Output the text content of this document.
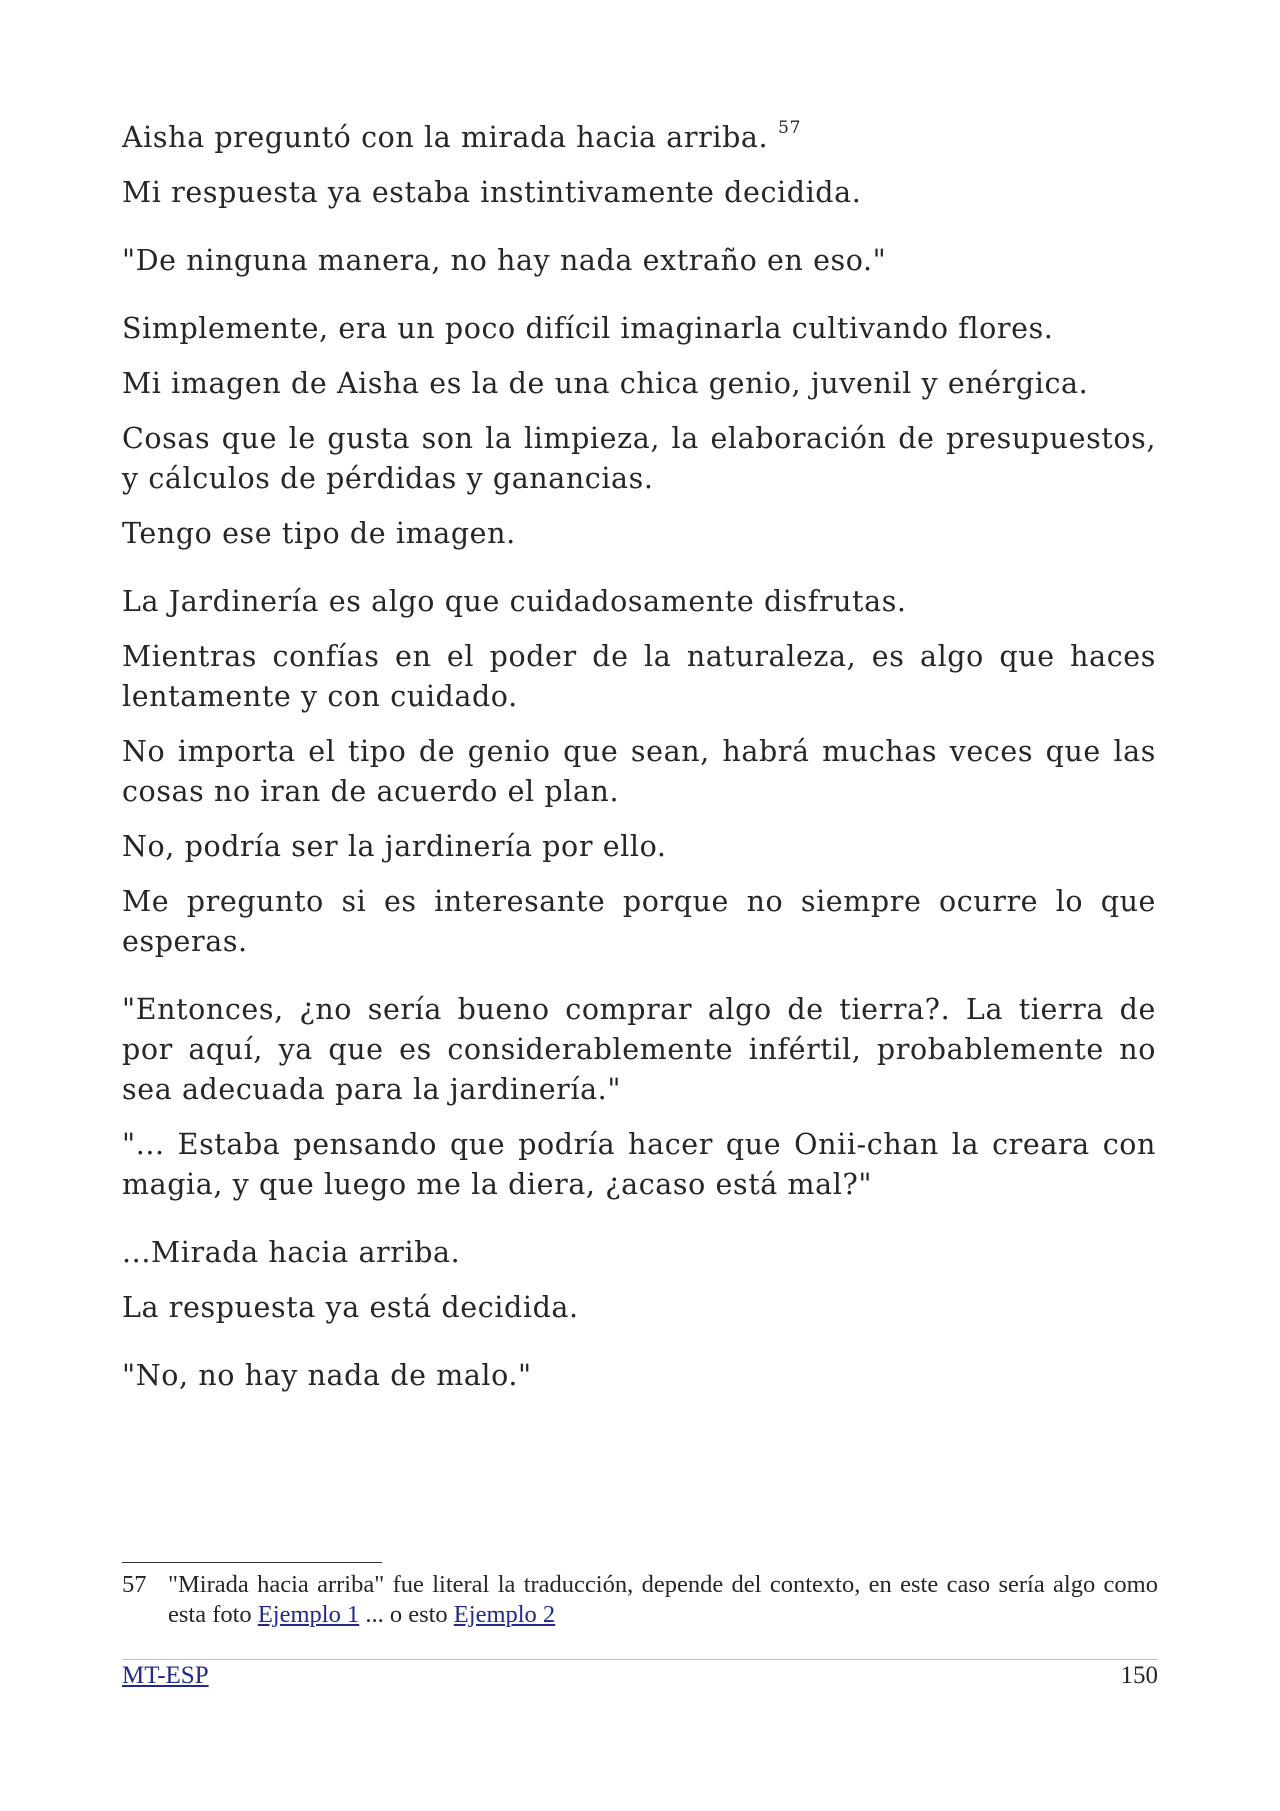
Aisha preguntó con la mirada hacia arriba. $^{57}$

Mi respuesta ya estaba instintivamente decidida.

"De ninguna manera, no hay nada extraño en eso."

Simplemente, era un poco difícil imaginarla cultivando flores.

Mi imagen de Aisha es la de una chica genio, juvenil y enérgica.

Cosas que le gusta son la limpieza, la elaboración de presupuestos, y cálculos de pérdidas y ganancias.

Tengo ese tipo de imagen.

La Jardinería es algo que cuidadosamente disfrutas.

Mientras confías en el poder de la naturaleza, es algo que haces lentamente y con cuidado.

No importa el tipo de genio que sean, habrá muchas veces que las cosas no iran de acuerdo el plan.

No, podría ser la jardinería por ello.

Me pregunto si es interesante porque no siempre ocurre lo que esperas.

"Entonces, ¿no sería bueno comprar algo de tierra?. La tierra de por aquí, ya que es considerablemente infértil, probablemente no sea adecuada para la jardinería."

"... Estaba pensando que podría hacer que Onii-chan la creara con magia, y que luego me la diera, ¿acaso está mal?"

...Mirada hacia arriba.

La respuesta ya está decidida.

"No, no hay nada de malo."

57 "Mirada hacia arriba" fue literal la traducción, depende del contexto, en este caso sería algo como esta foto Ejemplo 1 ... o esto Ejemplo 2
MT-ESP	150
